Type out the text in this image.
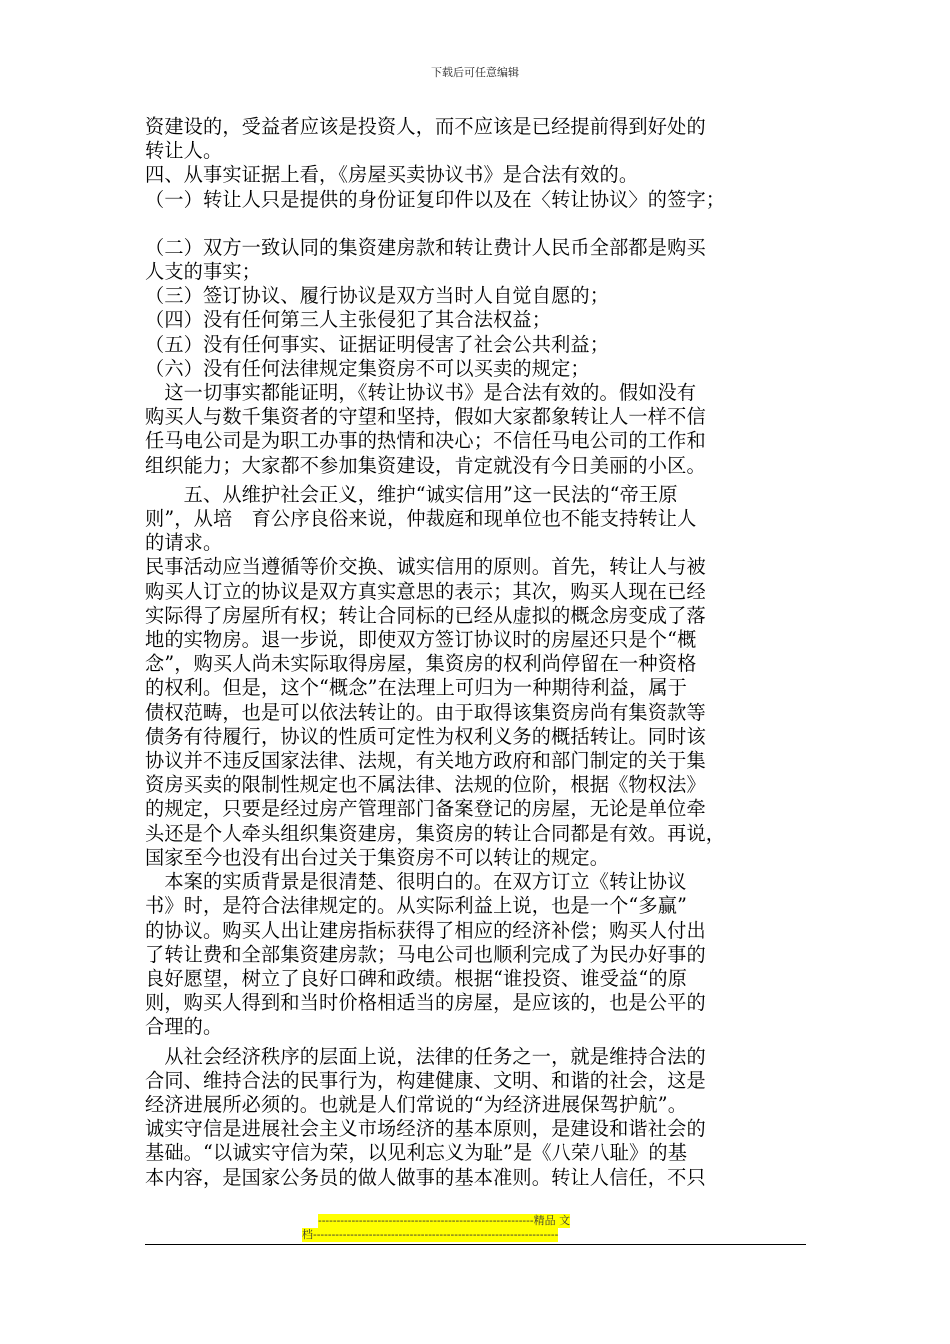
下载后可任意编辑

资建设的，受益者应该是投资人，而不应该是已经提前得到好处的

转让人。

四、从事实证据上看，《房屋买卖协议书》是合法有效的。

（一）转让人只是提供的身份证复印件以及在〈转让协议〉的签字；

（二）双方一致认同的集资建房款和转让费计人民币全部都是购买

人支的事实；

（三）签订协议、履行协议是双方当时人自觉自愿的；

（四）没有任何第三人主张侵犯了其合法权益；

（五）没有任何事实、证据证明侵害了社会公共利益；

（六）没有任何法律规定集资房不可以买卖的规定；

　这一切事实都能证明，《转让协议书》是合法有效的。假如没有

购买人与数千集资者的守望和坚持，假如大家都象转让人一样不信

任马电公司是为职工办事的热情和决心；不信任马电公司的工作和

组织能力；大家都不参加集资建设，肯定就没有今日美丽的小区。

　　五、从维护社会正义，维护“诚实信用”这一民法的“帝王原

则”，从培　育公序良俗来说，仲裁庭和现单位也不能支持转让人

的请求。

民事活动应当遵循等价交换、诚实信用的原则。首先，转让人与被

购买人订立的协议是双方真实意思的表示；其次，购买人现在已经

实际得了房屋所有权；转让合同标的已经从虚拟的概念房变成了落

地的实物房。退一步说，即使双方签订协议时的房屋还只是个“概

念”，购买人尚未实际取得房屋，集资房的权利尚停留在一种资格

的权利。但是，这个“概念”在法理上可归为一种期待利益，属于

债权范畴，也是可以依法转让的。由于取得该集资房尚有集资款等

债务有待履行，协议的性质可定性为权利义务的概括转让。同时该

协议并不违反国家法律、法规，有关地方政府和部门制定的关于集

资房买卖的限制性规定也不属法律、法规的位阶，根据《物权法》

的规定，只要是经过房产管理部门备案登记的房屋，无论是单位牵

头还是个人牵头组织集资建房，集资房的转让合同都是有效。再说，

国家至今也没有出台过关于集资房不可以转让的规定。

　本案的实质背景是很清楚、很明白的。在双方订立《转让协议

书》时，是符合法律规定的。从实际利益上说，也是一个“多赢”

的协议。购买人出让建房指标获得了相应的经济补偿；购买人付出

了转让费和全部集资建房款；马电公司也顺利完成了为民办好事的

良好愿望，树立了良好口碑和政绩。根据“谁投资、谁受益“的原

则，购买人得到和当时价格相适当的房屋，是应该的，也是公平的

合理的。

　从社会经济秩序的层面上说，法律的任务之一，就是维持合法的

合同、维持合法的民事行为，构建健康、文明、和谐的社会，这是

经济进展所必须的。也就是人们常说的“为经济进展保驾护航”。

诚实守信是进展社会主义市场经济的基本原则，是建设和谐社会的

基础。“以诚实守信为荣，以见利忘义为耻”是《八荣八耻》的基

本内容，是国家公务员的做人做事的基本准则。转让人信任，不只

----------------------------------------------------------精品 文
档------------------------------------------------------------------
